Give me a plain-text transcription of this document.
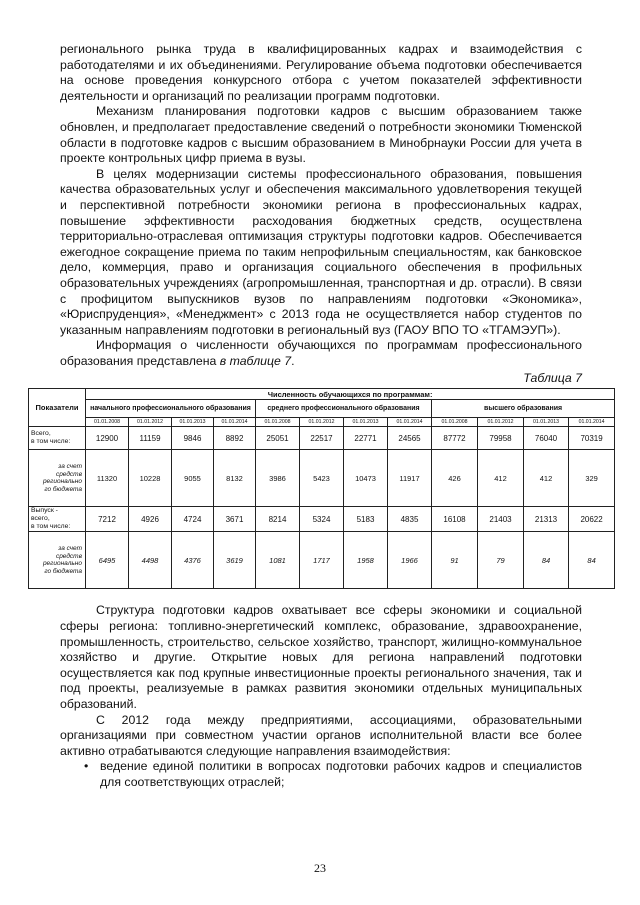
регионального рынка труда в квалифицированных кадрах и взаимодействия с работодателями и их объединениями. Регулирование объема подготовки обеспечивается на основе проведения конкурсного отбора с учетом показателей эффективности деятельности и организаций по реализации программ подготовки.

Механизм планирования подготовки кадров с высшим образованием также обновлен, и предполагает предоставление сведений о потребности экономики Тюменской области в подготовке кадров с высшим образованием в Минобрнауки России для учета в проекте контрольных цифр приема в вузы.

В целях модернизации системы профессионального образования, повышения качества образовательных услуг и обеспечения максимального удовлетворения текущей и перспективной потребности экономики региона в профессиональных кадрах, повышение эффективности расходования бюджетных средств, осуществлена территориально-отраслевая оптимизация структуры подготовки кадров. Обеспечивается ежегодное сокращение приема по таким непрофильным специальностям, как банковское дело, коммерция, право и организация социального обеспечения в профильных образовательных учреждениях (агропромышленная, транспортная и др. отрасли). В связи с профицитом выпускников вузов по направлениям подготовки «Экономика», «Юриспруденция», «Менеджмент» с 2013 года не осуществляется набор студентов по указанным направлениям подготовки в региональный вуз (ГАОУ ВПО ТО «ТГАМЭУП»).

Информация о численности обучающихся по программам профессионального образования представлена в таблице 7.

Таблица 7
Показатели	Численность обучающихся по программам:											
	начального профессионального образования				среднего профессионального образования				высшего образования			
	01.01.2008	01.01.2012	01.01.2013	01.01.2014	01.01.2008	01.01.2012	01.01.2013	01.01.2014	01.01.2008	01.01.2012	01.01.2013	01.01.2014
Всего,
в том числе:	12900	11159	9846	8892	25051	22517	22771	24565	87772	79958	76040	70319
за счет
средств
регионально
го бюджета	11320	10228	9055	8132	3986	5423	10473	11917	426	412	412	329
Выпуск -
всего,
в том числе:	7212	4926	4724	3671	8214	5324	5183	4835	16108	21403	21313	20622
за счет
средств
регионально
го бюджета	6495	4498	4376	3619	1081	1717	1958	1966	91	79	84	84

Структура подготовки кадров охватывает все сферы экономики и социальной сферы региона: топливно-энергетический комплекс, образование, здравоохранение, промышленность, строительство, сельское хозяйство, транспорт, жилищно-коммунальное хозяйство и другие. Открытие новых для региона направлений подготовки осуществляется как под крупные инвестиционные проекты регионального значения, так и под проекты, реализуемые в рамках развития экономики отдельных муниципальных образований.

С 2012 года между предприятиями, ассоциациями, образовательными организациями при совместном участии органов исполнительной власти все более активно отрабатываются следующие направления взаимодействия:

• ведение единой политики в вопросах подготовки рабочих кадров и специалистов для соответствующих отраслей;

23
